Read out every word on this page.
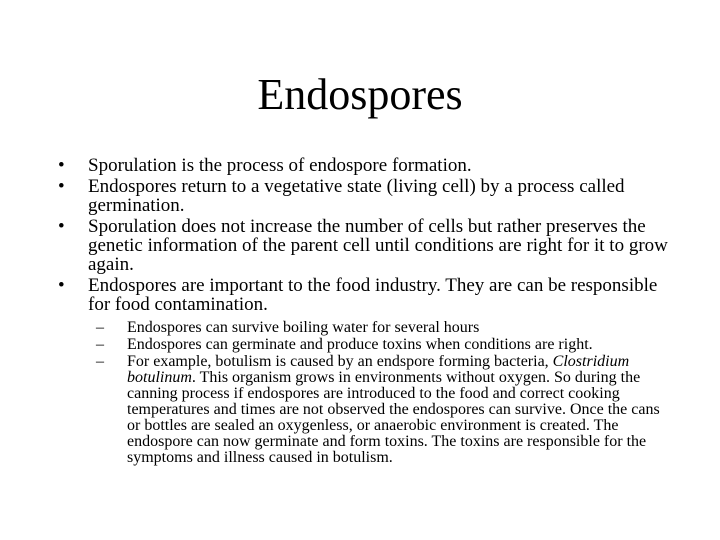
Endospores
•	Sporulation is the process of endospore formation.
•	Endospores return to a vegetative state (living cell) by a process called germination.
•	Sporulation does not increase the number of cells but rather preserves the genetic information of the parent cell until conditions are right for it to grow again.
•	Endospores are important to the food industry. They are can be responsible for food contamination.
–	Endospores can survive boiling water for several hours
–	Endospores can germinate and produce toxins when conditions are right.
–	For example, botulism is caused by an endspore forming bacteria, Clostridium botulinum. This organism grows in environments without oxygen. So during the canning process if endospores are introduced to the food and correct cooking temperatures and times are not observed the endospores can survive. Once the cans or bottles are sealed an oxygenless, or anaerobic environment is created. The endospore can now germinate and form toxins. The toxins are responsible for the symptoms and illness caused in botulism.
